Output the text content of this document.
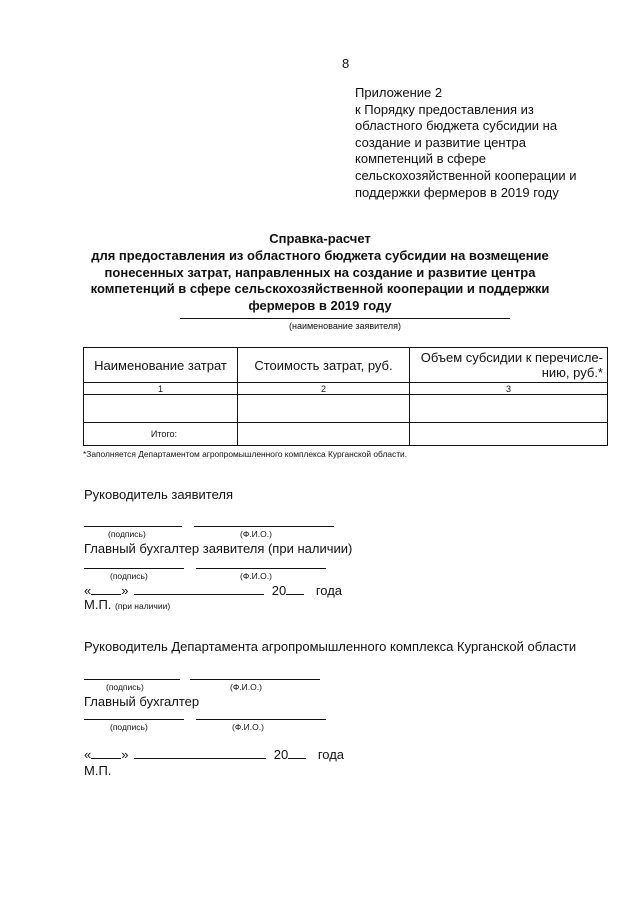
8
Приложение 2
к Порядку предоставления из
областного бюджета субсидии на
создание и развитие центра
компетенций в сфере
сельскохозяйственной кооперации и
поддержки фермеров в 2019 году
Справка-расчет
для предоставления из областного бюджета субсидии на возмещение
понесенных затрат, направленных на создание и развитие центра
компетенций в сфере сельскохозяйственной кооперации и поддержки
фермеров в 2019 году
(наименование заявителя)
Наименование затрат	Стоимость затрат, руб.	Объем субсидии к перечисле-
нию, руб.*

1	2	3

Итого:		
*Заполняется Департаментом агропромышленного комплекса Курганской области.
Руководитель заявителя
(подпись)	(Ф.И.О.)
Главный бухгалтер заявителя (при наличии)
(подпись)	(Ф.И.О.)
« »	20 года
М.П. (при наличии)
Руководитель Департамента агропромышленного комплекса Курганской области
(подпись)	(Ф.И.О.)
Главный бухгалтер
(подпись)	(Ф.И.О.)
« »	20 года
М.П.
